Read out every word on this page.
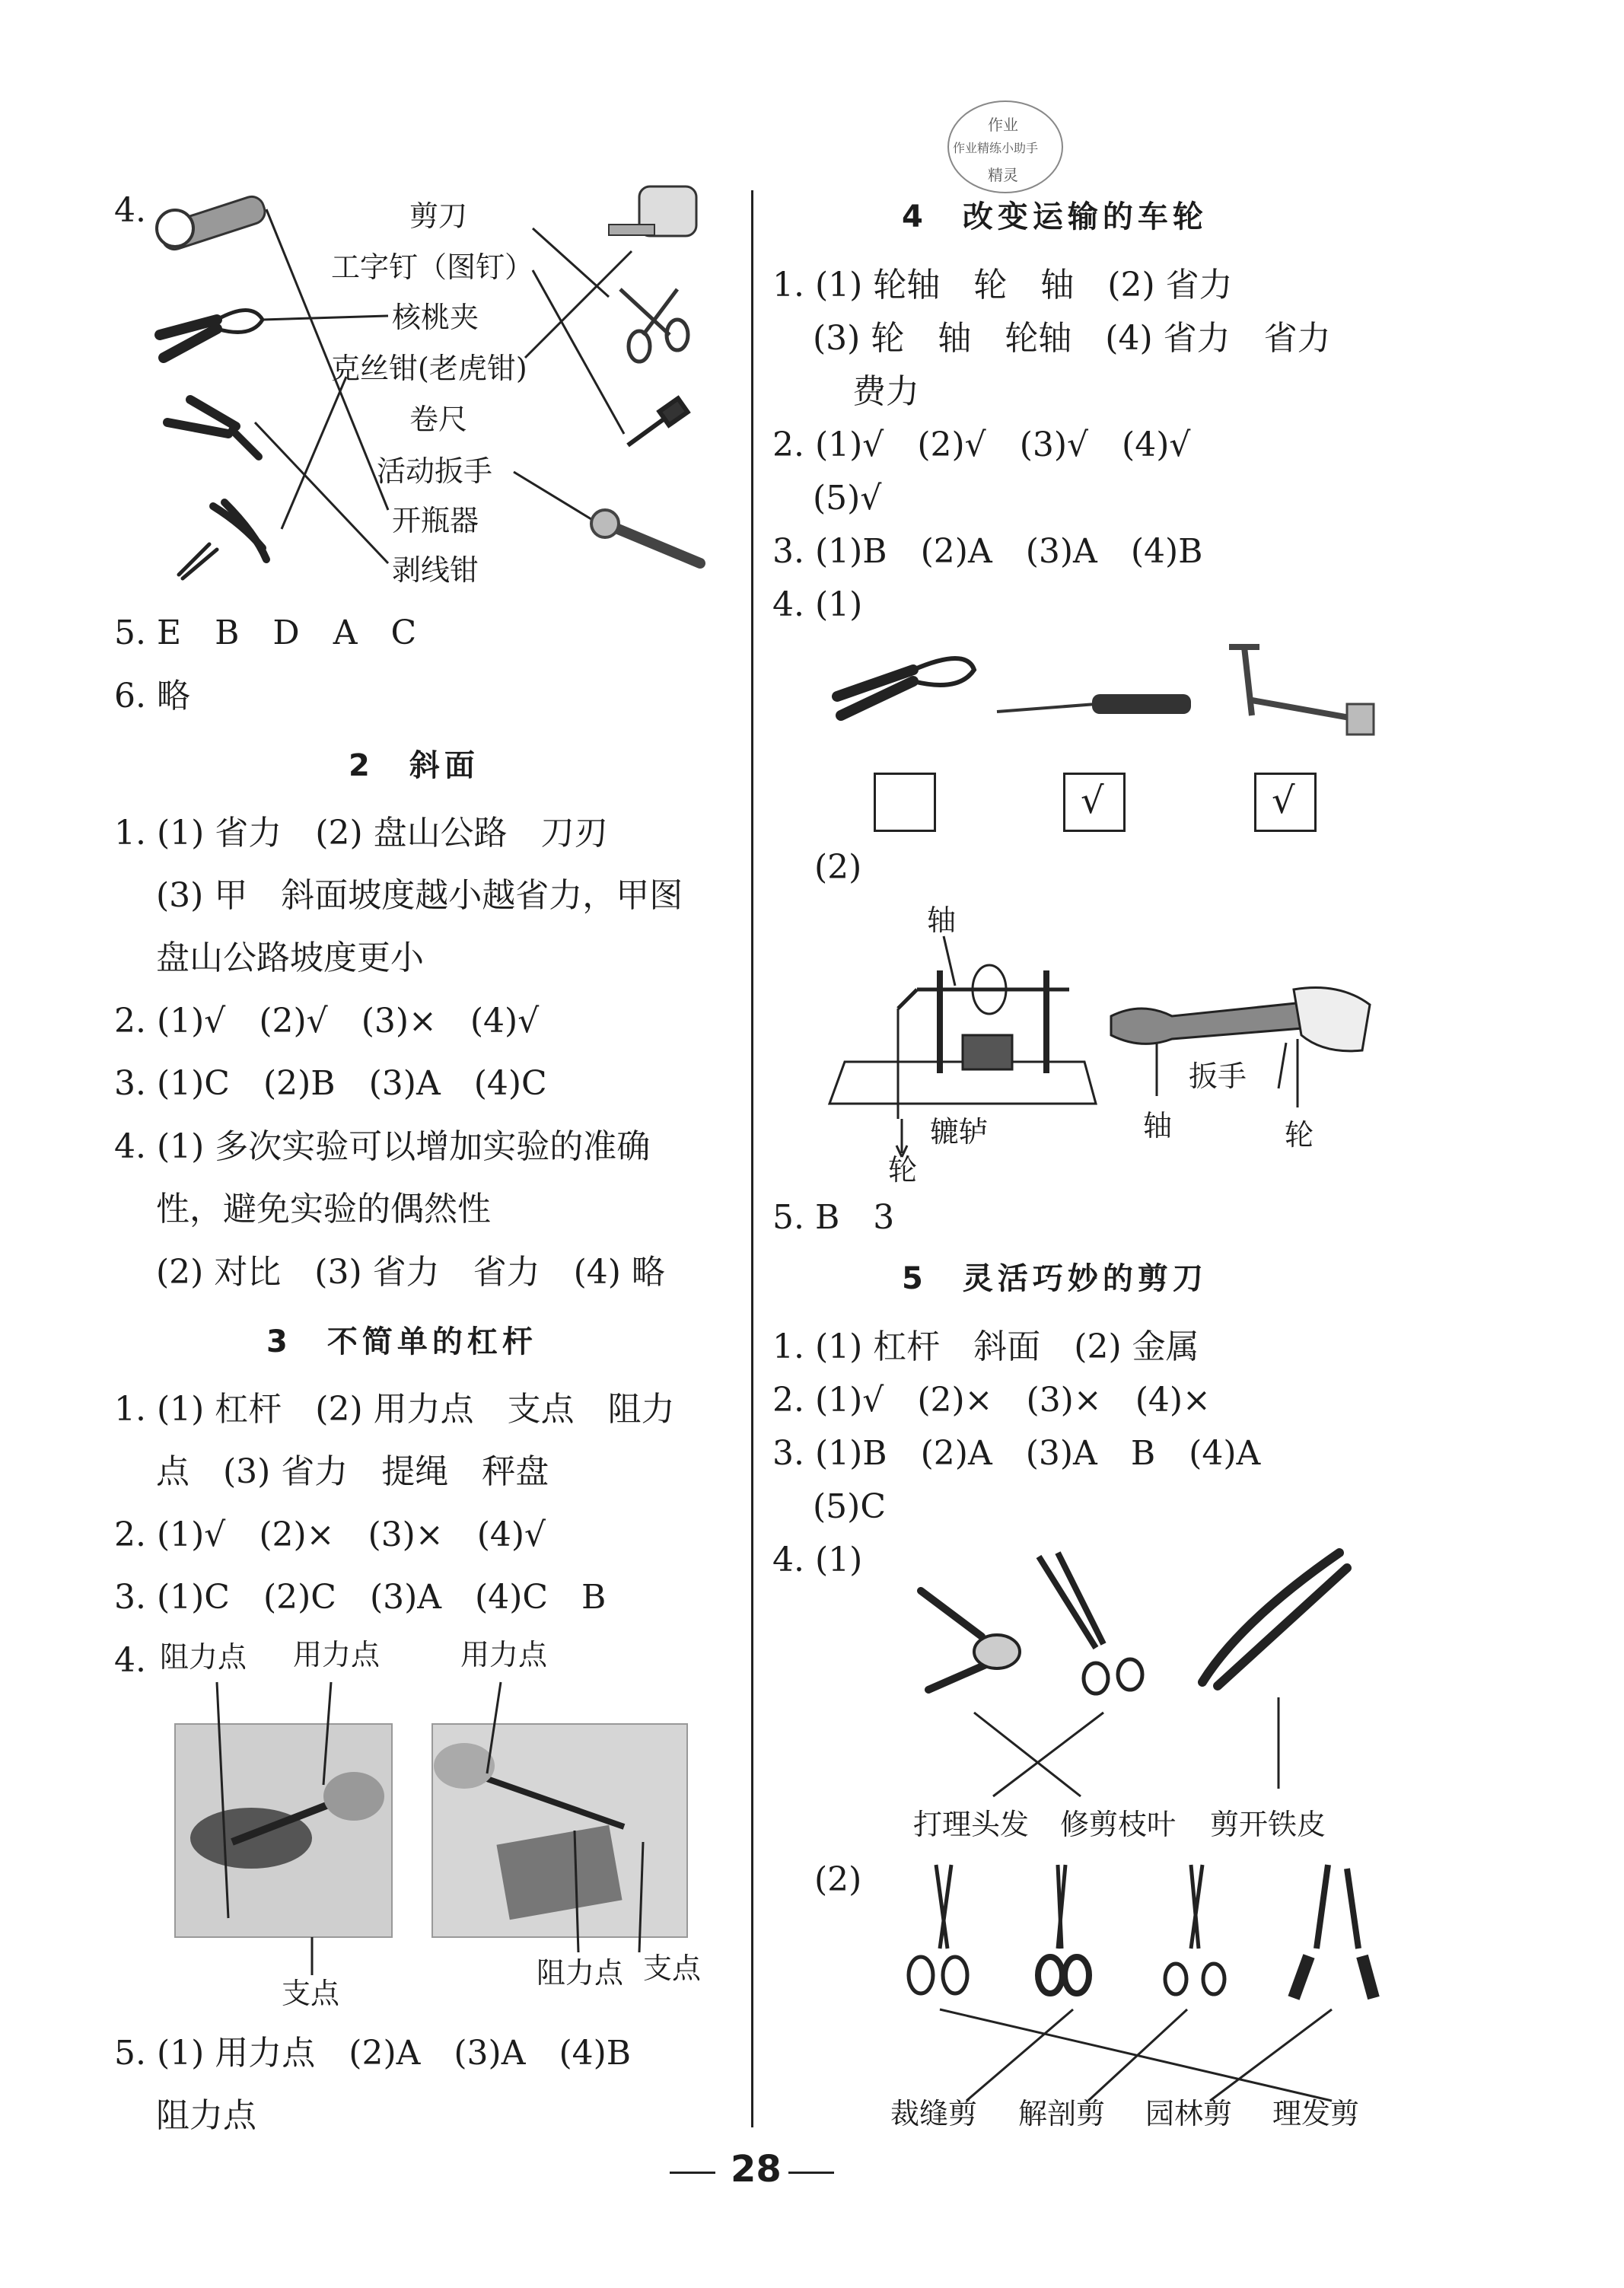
作业
作业精练小助手
精灵
4.	剪刀
工字钉（图钉）
核桃夹
克丝钳(老虎钳)
卷尺
活动扳手
开瓶器
剥线钳
5. E　B　D　A　C
6. 略
2　斜面
1. (1) 省力　(2) 盘山公路　刀刃
(3) 甲　斜面坡度越小越省力，甲图
盘山公路坡度更小
2. (1)√　(2)√　(3)×　(4)√
3. (1)C　(2)B　(3)A　(4)C
4. (1) 多次实验可以增加实验的准确
性，避免实验的偶然性
(2) 对比　(3) 省力　省力　(4) 略
3　不简单的杠杆
1. (1) 杠杆　(2) 用力点　支点　阻力
点　(3) 省力　提绳　秤盘
2. (1)√　(2)×　(3)×　(4)√
3. (1)C　(2)C　(3)A　(4)C　B
4. 阻力点 用力点	用力点
支点
阻力点 支点
5. (1) 用力点　(2)A　(3)A　(4)B
阻力点
4　改变运输的车轮
1. (1) 轮轴　轮　轴　(2) 省力
(3) 轮　轴　轮轴　(4) 省力　省力
费力
2. (1)√　(2)√　(3)√　(4)√
(5)√
3. (1)B　(2)A　(3)A　(4)B
4. (1)
√	√
(2)
轴
辘轳
轮
扳手
轴	轮
5. B　3
5　灵活巧妙的剪刀
1. (1) 杠杆　斜面　(2) 金属
2. (1)√　(2)×　(3)×　(4)×
3. (1)B　(2)A　(3)A　B　(4)A
(5)C
4. (1)
打理头发 修剪枝叶 剪开铁皮
(2)
裁缝剪 解剖剪 园林剪 理发剪
28
